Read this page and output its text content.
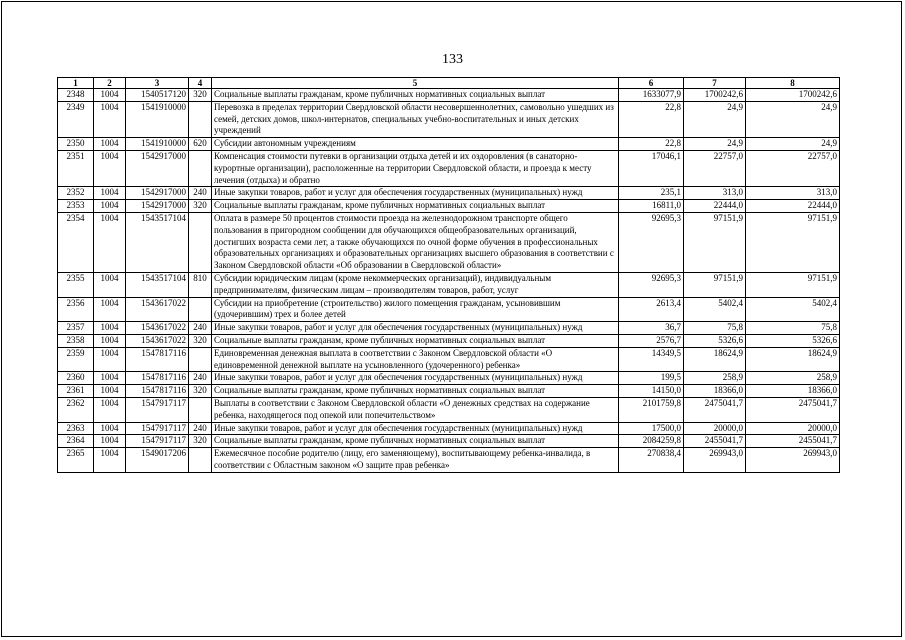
133
1	2	3	4	5	6	7	8
2348	1004	1540517120	320	Социальные выплаты гражданам, кроме публичных нормативных социальных выплат	1633077,9	1700242,6	1700242,6
2349	1004	1541910000		Перевозка в пределах территории Свердловской области несовершеннолетних, самовольно ушедших из семей, детских домов, школ-интернатов, специальных учебно-воспитательных и иных детских учреждений	22,8	24,9	24,9
2350	1004	1541910000	620	Субсидии автономным учреждениям	22,8	24,9	24,9
2351	1004	1542917000		Компенсация стоимости путевки в организации отдыха детей и их оздоровления (в санаторно-курортные организации), расположенные на территории Свердловской области, и проезда к месту лечения (отдыха) и обратно	17046,1	22757,0	22757,0
2352	1004	1542917000	240	Иные закупки товаров, работ и услуг для обеспечения государственных (муниципальных) нужд	235,1	313,0	313,0
2353	1004	1542917000	320	Социальные выплаты гражданам, кроме публичных нормативных социальных выплат	16811,0	22444,0	22444,0
2354	1004	1543517104		Оплата в размере 50 процентов стоимости проезда на железнодорожном транспорте общего пользования в пригородном сообщении для обучающихся общеобразовательных организаций, достигших возраста семи лет, а также обучающихся по очной форме обучения в профессиональных образовательных организациях и образовательных организациях высшего образования в соответствии с Законом Свердловской области «Об образовании в Свердловской области»	92695,3	97151,9	97151,9
2355	1004	1543517104	810	Субсидии юридическим лицам (кроме некоммерческих организаций), индивидуальным предпринимателям, физическим лицам – производителям товаров, работ, услуг	92695,3	97151,9	97151,9
2356	1004	1543617022		Субсидии на приобретение (строительство) жилого помещения гражданам, усыновившим (удочерившим) трех и более детей	2613,4	5402,4	5402,4
2357	1004	1543617022	240	Иные закупки товаров, работ и услуг для обеспечения государственных (муниципальных) нужд	36,7	75,8	75,8
2358	1004	1543617022	320	Социальные выплаты гражданам, кроме публичных нормативных социальных выплат	2576,7	5326,6	5326,6
2359	1004	1547817116		Единовременная денежная выплата в соответствии с Законом Свердловской области «О единовременной денежной выплате на усыновленного (удочеренного) ребенка»	14349,5	18624,9	18624,9
2360	1004	1547817116	240	Иные закупки товаров, работ и услуг для обеспечения государственных (муниципальных) нужд	199,5	258,9	258,9
2361	1004	1547817116	320	Социальные выплаты гражданам, кроме публичных нормативных социальных выплат	14150,0	18366,0	18366,0
2362	1004	1547917117		Выплаты в соответствии с Законом Свердловской области «О денежных средствах на содержание ребенка, находящегося под опекой или попечительством»	2101759,8	2475041,7	2475041,7
2363	1004	1547917117	240	Иные закупки товаров, работ и услуг для обеспечения государственных (муниципальных) нужд	17500,0	20000,0	20000,0
2364	1004	1547917117	320	Социальные выплаты гражданам, кроме публичных нормативных социальных выплат	2084259,8	2455041,7	2455041,7
2365	1004	1549017206		Ежемесячное пособие родителю (лицу, его заменяющему), воспитывающему ребенка-инвалида, в соответствии с Областным законом «О защите прав ребенка»	270838,4	269943,0	269943,0
